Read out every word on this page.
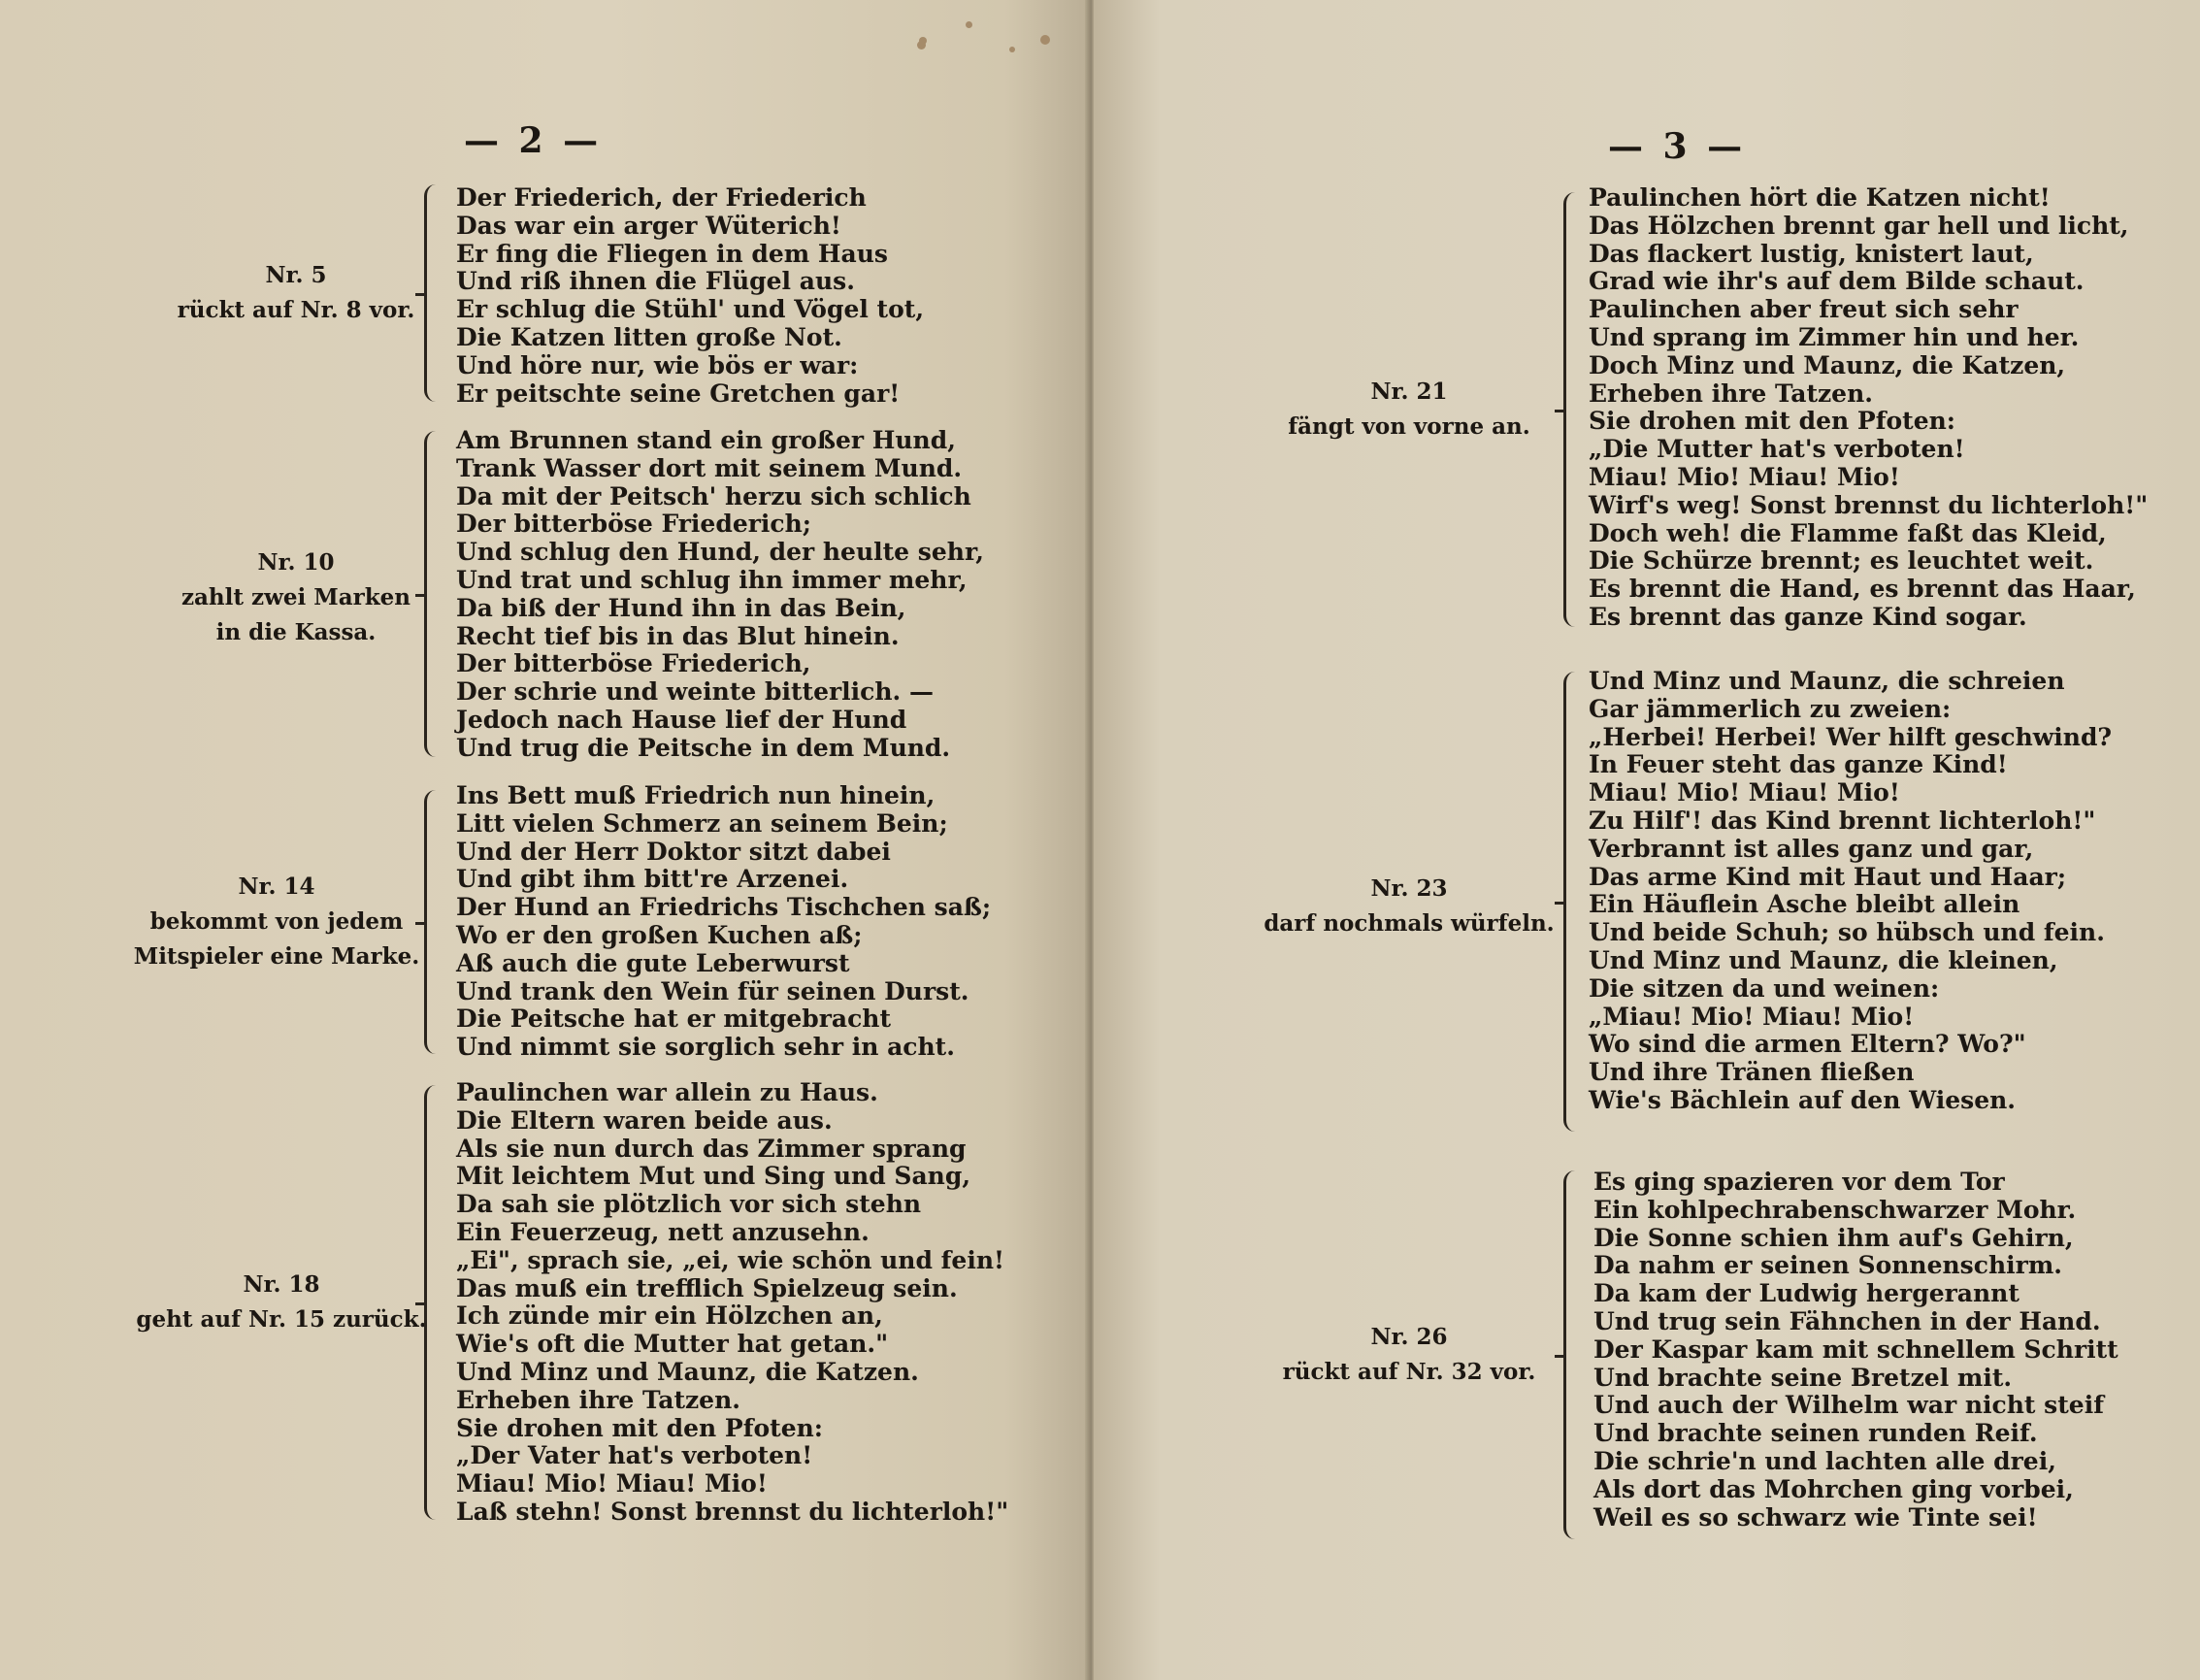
— 2 —
Nr. 5
rückt auf Nr. 8 vor.
Der Friederich, der Friederich
Das war ein arger Wüterich!
Er fing die Fliegen in dem Haus
Und riß ihnen die Flügel aus.
Er schlug die Stühl' und Vögel tot,
Die Katzen litten große Not.
Und höre nur, wie bös er war:
Er peitschte seine Gretchen gar!
Nr. 10
zahlt zwei Marken
in die Kassa.
Am Brunnen stand ein großer Hund,
Trank Wasser dort mit seinem Mund.
Da mit der Peitsch' herzu sich schlich
Der bitterböse Friederich;
Und schlug den Hund, der heulte sehr,
Und trat und schlug ihn immer mehr,
Da biß der Hund ihn in das Bein,
Recht tief bis in das Blut hinein.
Der bitterböse Friederich,
Der schrie und weinte bitterlich. —
Jedoch nach Hause lief der Hund
Und trug die Peitsche in dem Mund.
Nr. 14
bekommt von jedem
Mitspieler eine Marke.
Ins Bett muß Friedrich nun hinein,
Litt vielen Schmerz an seinem Bein;
Und der Herr Doktor sitzt dabei
Und gibt ihm bitt're Arzenei.
Der Hund an Friedrichs Tischchen saß;
Wo er den großen Kuchen aß;
Aß auch die gute Leberwurst
Und trank den Wein für seinen Durst.
Die Peitsche hat er mitgebracht
Und nimmt sie sorglich sehr in acht.
Nr. 18
geht auf Nr. 15 zurück.
Paulinchen war allein zu Haus.
Die Eltern waren beide aus.
Als sie nun durch das Zimmer sprang
Mit leichtem Mut und Sing und Sang,
Da sah sie plötzlich vor sich stehn
Ein Feuerzeug, nett anzusehn.
„Ei", sprach sie, „ei, wie schön und fein!
Das muß ein trefflich Spielzeug sein.
Ich zünde mir ein Hölzchen an,
Wie's oft die Mutter hat getan."
Und Minz und Maunz, die Katzen.
Erheben ihre Tatzen.
Sie drohen mit den Pfoten:
„Der Vater hat's verboten!
Miau! Mio! Miau! Mio!
Laß stehn! Sonst brennst du lichterloh!"
— 3 —
Nr. 21
fängt von vorne an.
Paulinchen hört die Katzen nicht!
Das Hölzchen brennt gar hell und licht,
Das flackert lustig, knistert laut,
Grad wie ihr's auf dem Bilde schaut.
Paulinchen aber freut sich sehr
Und sprang im Zimmer hin und her.
Doch Minz und Maunz, die Katzen,
Erheben ihre Tatzen.
Sie drohen mit den Pfoten:
„Die Mutter hat's verboten!
Miau! Mio! Miau! Mio!
Wirf's weg! Sonst brennst du lichterloh!"
Doch weh! die Flamme faßt das Kleid,
Die Schürze brennt; es leuchtet weit.
Es brennt die Hand, es brennt das Haar,
Es brennt das ganze Kind sogar.
Nr. 23
darf nochmals würfeln.
Und Minz und Maunz, die schreien
Gar jämmerlich zu zweien:
„Herbei! Herbei! Wer hilft geschwind?
In Feuer steht das ganze Kind!
Miau! Mio! Miau! Mio!
Zu Hilf'! das Kind brennt lichterloh!"
Verbrannt ist alles ganz und gar,
Das arme Kind mit Haut und Haar;
Ein Häuflein Asche bleibt allein
Und beide Schuh; so hübsch und fein.
Und Minz und Maunz, die kleinen,
Die sitzen da und weinen:
„Miau! Mio! Miau! Mio!
Wo sind die armen Eltern? Wo?"
Und ihre Tränen fließen
Wie's Bächlein auf den Wiesen.
Nr. 26
rückt auf Nr. 32 vor.
Es ging spazieren vor dem Tor
Ein kohlpechrabenschwarzer Mohr.
Die Sonne schien ihm auf's Gehirn,
Da nahm er seinen Sonnenschirm.
Da kam der Ludwig hergerannt
Und trug sein Fähnchen in der Hand.
Der Kaspar kam mit schnellem Schritt
Und brachte seine Bretzel mit.
Und auch der Wilhelm war nicht steif
Und brachte seinen runden Reif.
Die schrie'n und lachten alle drei,
Als dort das Mohrchen ging vorbei,
Weil es so schwarz wie Tinte sei!
